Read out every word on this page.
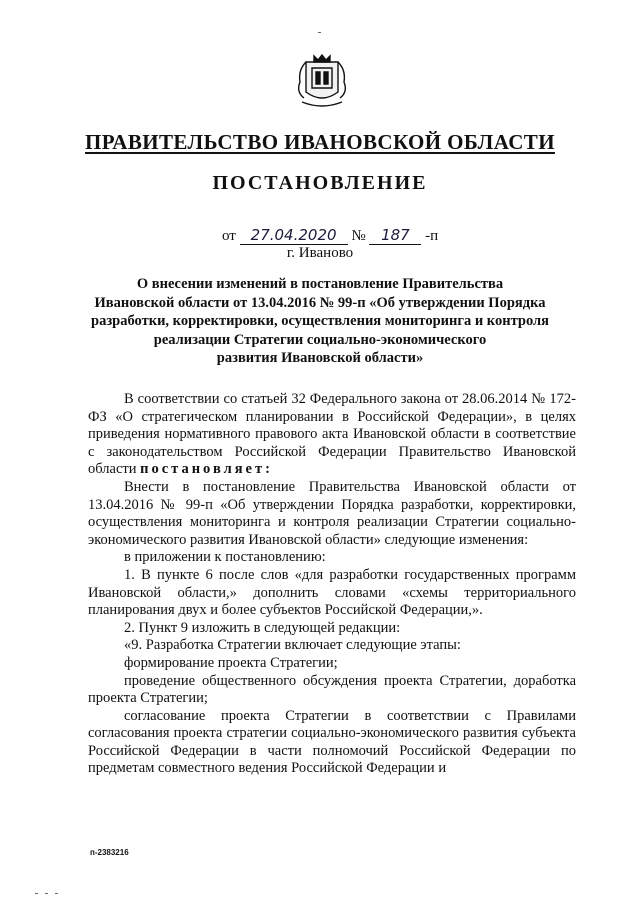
ПРАВИТЕЛЬСТВО ИВАНОВСКОЙ ОБЛАСТИ
ПОСТАНОВЛЕНИЕ
от 27.04.2020 № 187 -п
г. Иваново
О внесении изменений в постановление Правительства
Ивановской области от 13.04.2016 № 99-п «Об утверждении Порядка
разработки, корректировки, осуществления мониторинга и контроля
реализации Стратегии социально-экономического
развития Ивановской области»

В соответствии со статьей 32 Федерального закона от 28.06.2014 № 172-ФЗ «О стратегическом планировании в Российской Федерации», в целях приведения нормативного правового акта Ивановской области в соответствие с законодательством Российской Федерации Правительство Ивановской области постановляет:

Внести в постановление Правительства Ивановской области от 13.04.2016 № 99-п «Об утверждении Порядка разработки, корректировки, осуществления мониторинга и контроля реализации Стратегии социально-экономического развития Ивановской области» следующие изменения:

в приложении к постановлению:

1. В пункте 6 после слов «для разработки государственных программ Ивановской области,» дополнить словами «схемы территориального планирования двух и более субъектов Российской Федерации,».

2. Пункт 9 изложить в следующей редакции:

«9. Разработка Стратегии включает следующие этапы:

формирование проекта Стратегии;

проведение общественного обсуждения проекта Стратегии, доработка проекта Стратегии;

согласование проекта Стратегии в соответствии с Правилами согласования проекта стратегии социально-экономического развития субъекта Российской Федерации в части полномочий Российской Федерации по предметам совместного ведения Российской Федерации и

п-2383216
